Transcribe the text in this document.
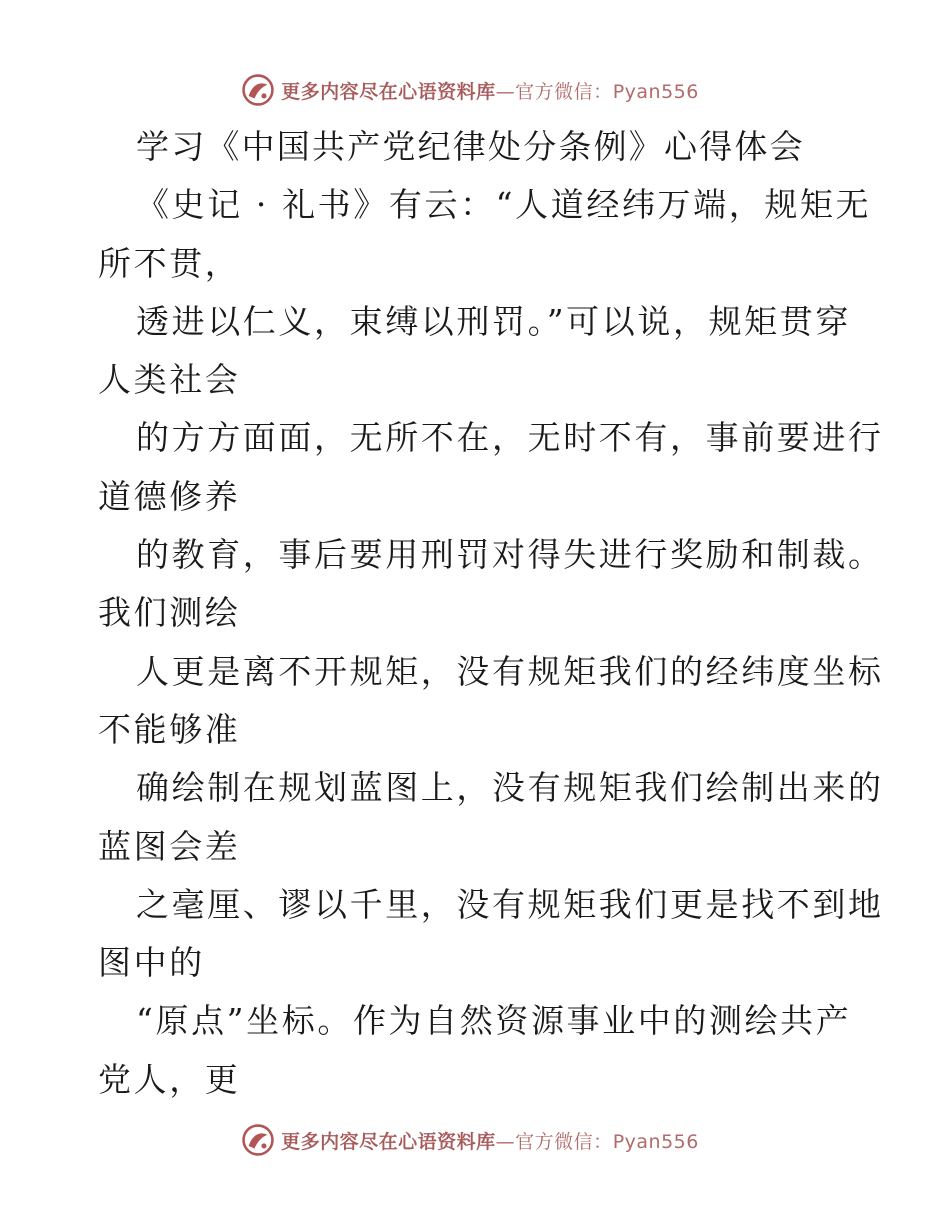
更多内容尽在心语资料库—官方微信：Pyan556
学习《中国共产党纪律处分条例》心得体会
《史记 · 礼书》有云：“人道经纬万端，规矩无
所不贯，
透进以仁义，束缚以刑罚。”可以说，规矩贯穿
人类社会
的方方面面，无所不在，无时不有，事前要进行
道德修养
的教育，事后要用刑罚对得失进行奖励和制裁。
我们测绘
人更是离不开规矩，没有规矩我们的经纬度坐标
不能够准
确绘制在规划蓝图上，没有规矩我们绘制出来的
蓝图会差
之毫厘、谬以千里，没有规矩我们更是找不到地
图中的
“原点”坐标。作为自然资源事业中的测绘共产
党人，更
更多内容尽在心语资料库—官方微信：Pyan556
